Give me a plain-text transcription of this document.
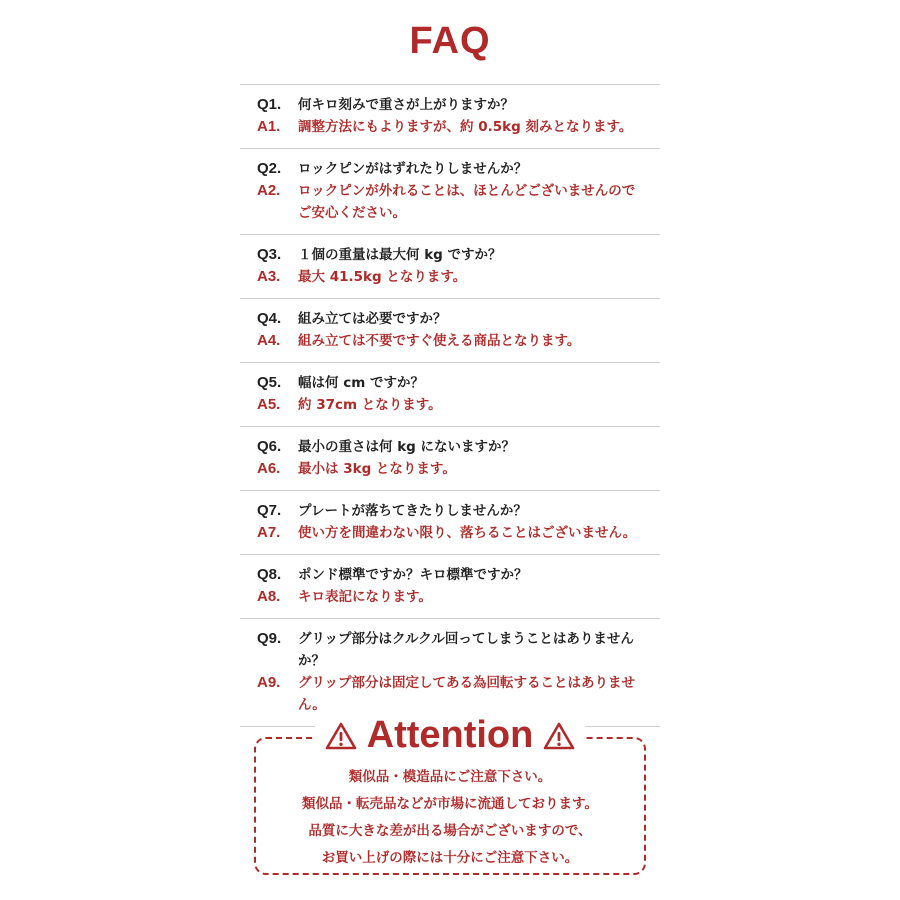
FAQ
Q1.	何キロ刻みで重さが上がりますか？
A1.	調整方法にもよりますが、約 0.5kg 刻みとなります。
Q2.	ロックピンがはずれたりしませんか？
A2.	ロックピンが外れることは、ほとんどございませんので
ご安心ください。
Q3.	１個の重量は最大何 kg ですか？
A3.	最大 41.5kg となります。
Q4.	組み立ては必要ですか？
A4.	組み立ては不要ですぐ使える商品となります。
Q5.	幅は何 cm ですか？
A5.	約 37cm となります。
Q6.	最小の重さは何 kg にないますか？
A6.	最小は 3kg となります。
Q7.	プレートが落ちてきたりしませんか？
A7.	使い方を間違わない限り、落ちることはございません。
Q8.	ポンド標準ですか？キロ標準ですか？
A8.	キロ表記になります。
Q9.	グリップ部分はクルクル回ってしまうことはありませんか？
A9.	グリップ部分は固定してある為回転することはありません。
Attention
類似品・模造品にご注意下さい。
類似品・転売品などが市場に流通しております。
品質に大きな差が出る場合がございますので、
お買い上げの際には十分にご注意下さい。
